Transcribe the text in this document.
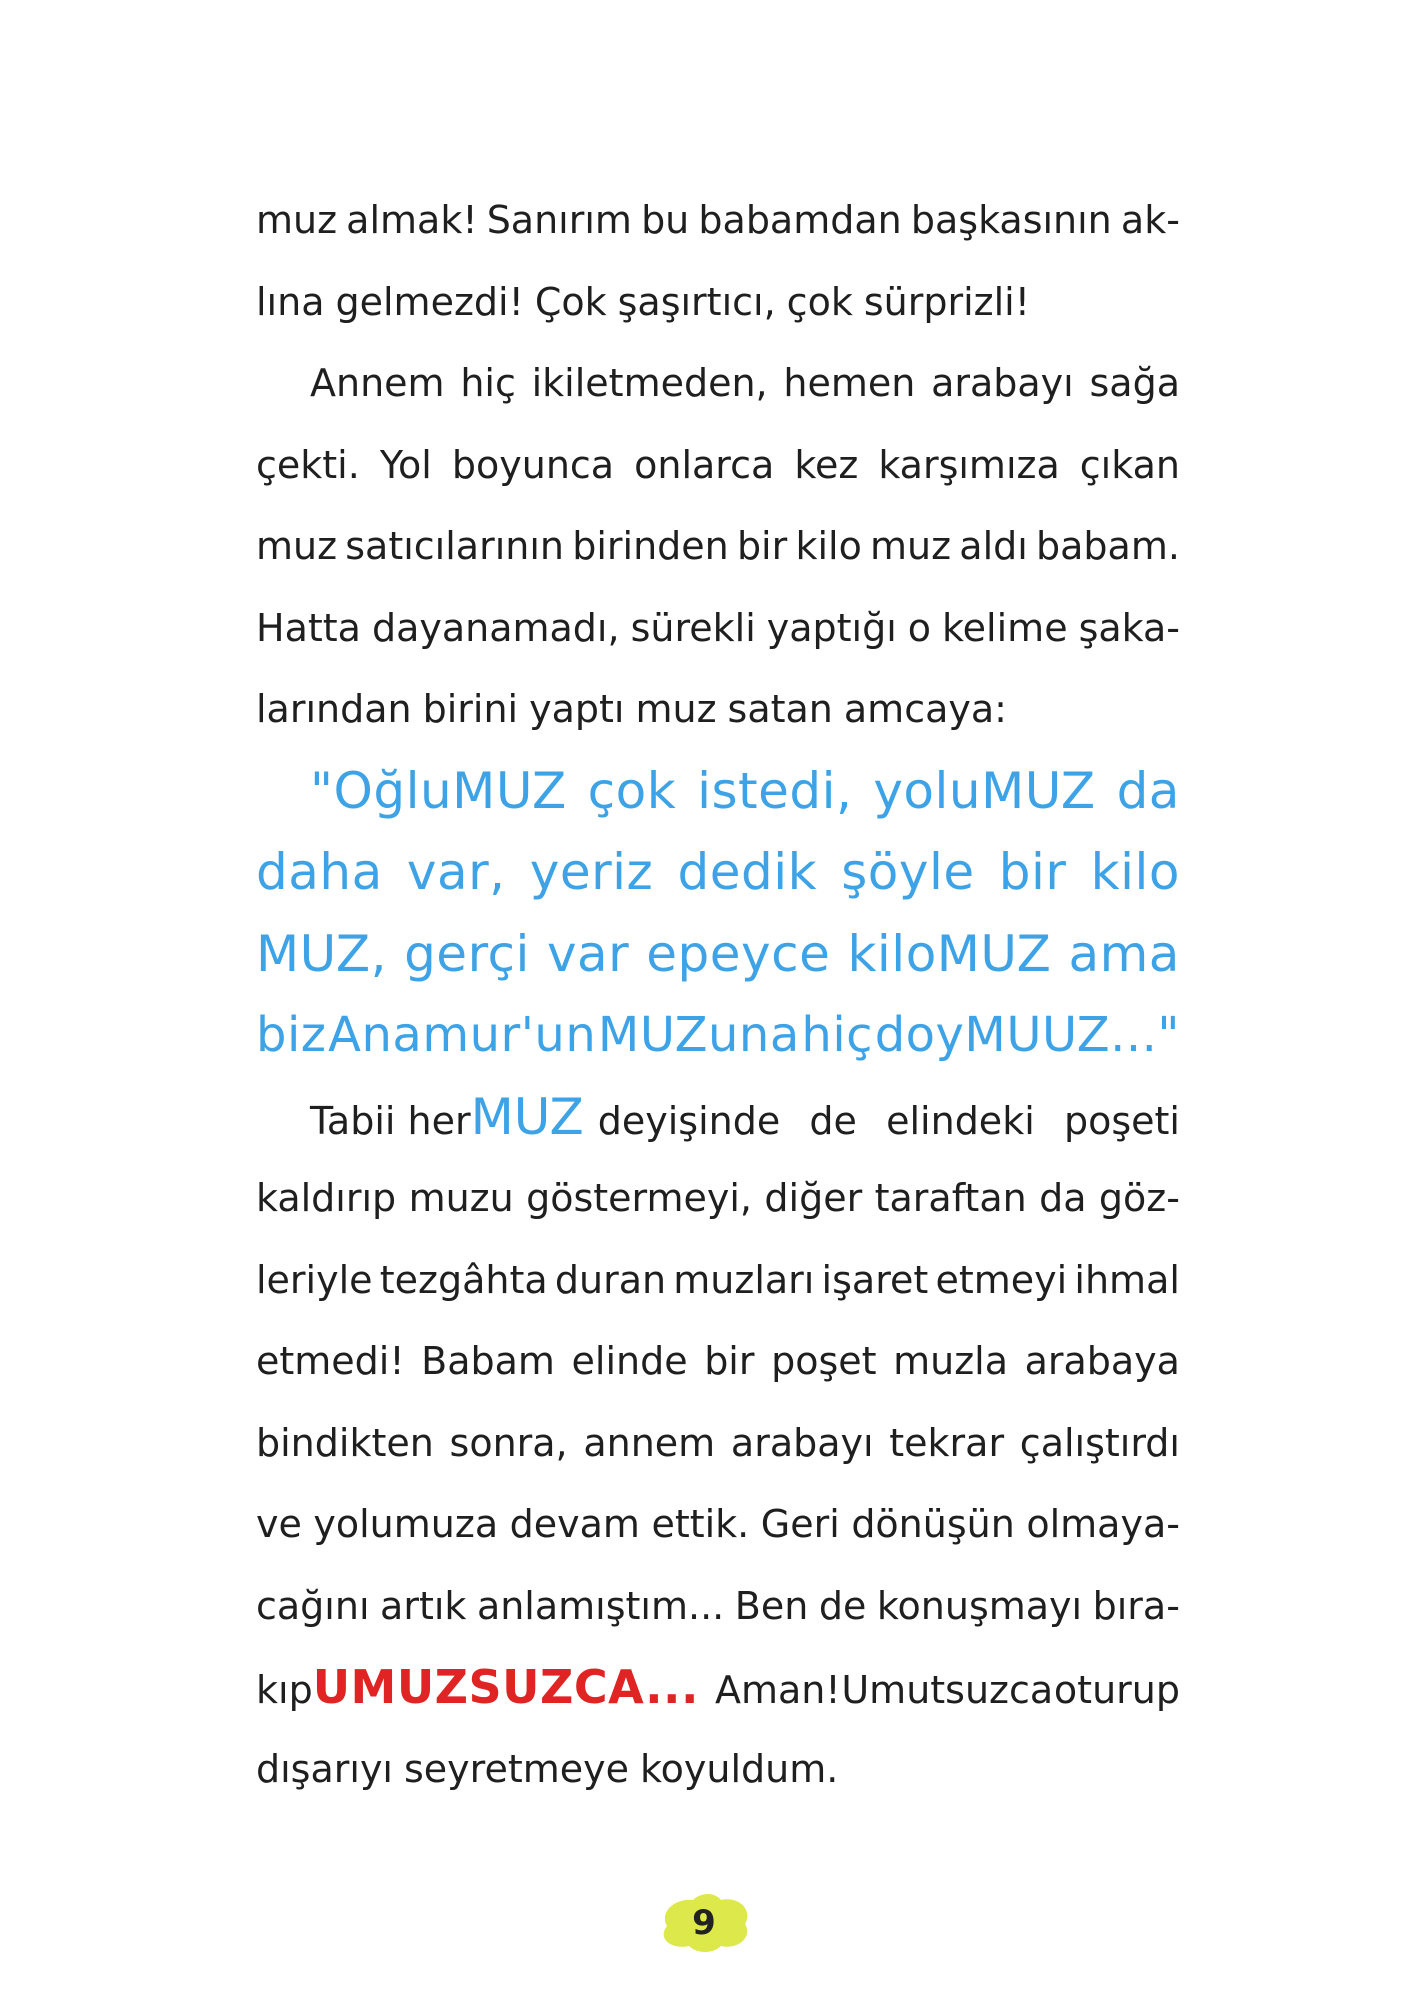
muz almak! Sanırım bu babamdan başkasının ak-
lına gelmezdi! Çok şaşırtıcı, çok sürprizli!
Annem hiç ikiletmeden, hemen arabayı sağa
çekti. Yol boyunca onlarca kez karşımıza çıkan
muz satıcılarının birinden bir kilo muz aldı babam.
Hatta dayanamadı, sürekli yaptığı o kelime şaka-
larından birini yaptı muz satan amcaya:
"OğluMUZ çok istedi, yoluMUZ da
daha var, yeriz dedik şöyle bir kilo
MUZ, gerçi var epeyce kiloMUZ ama
biz Anamur'un MUZuna hiç doyMUUZ..."
Tabii her MUZ deyişinde de elindeki poşeti
kaldırıp muzu göstermeyi, diğer taraftan da göz-
leriyle tezgâhta duran muzları işaret etmeyi ihmal
etmedi! Babam elinde bir poşet muzla arabaya
bindikten sonra, annem arabayı tekrar çalıştırdı
ve yolumuza devam ettik. Geri dönüşün olmaya-
cağını artık anlamıştım... Ben de konuşmayı bıra-
kıp UMUZSUZCA... Aman! Umutsuzca oturup
dışarıyı seyretmeye koyuldum.
9
